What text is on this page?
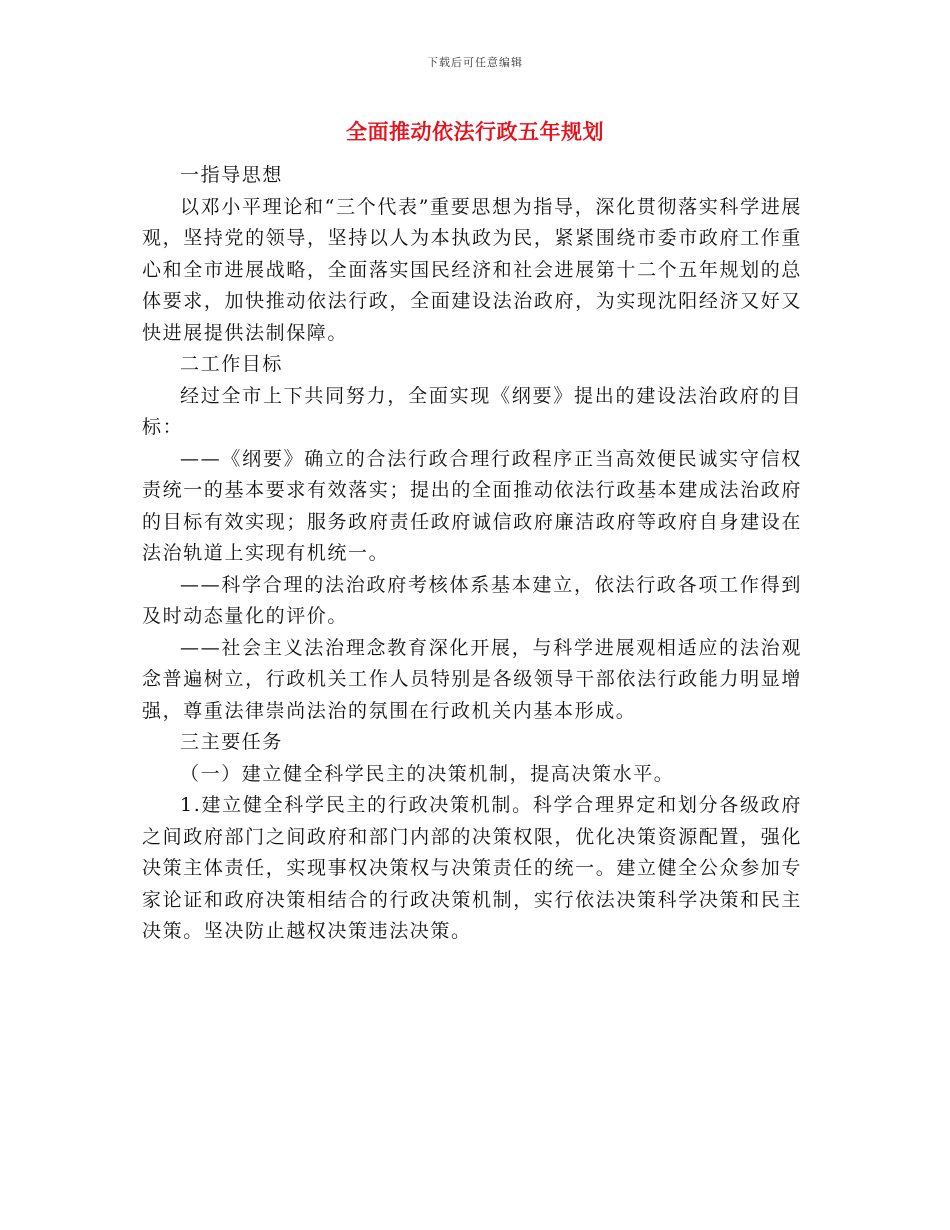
下载后可任意编辑
全面推动依法行政五年规划

一指导思想

以邓小平理论和“三个代表”重要思想为指导，深化贯彻落实科学进展观，坚持党的领导，坚持以人为本执政为民，紧紧围绕市委市政府工作重心和全市进展战略，全面落实国民经济和社会进展第十二个五年规划的总体要求，加快推动依法行政，全面建设法治政府，为实现沈阳经济又好又快进展提供法制保障。

二工作目标

经过全市上下共同努力，全面实现《纲要》提出的建设法治政府的目标：

——《纲要》确立的合法行政合理行政程序正当高效便民诚实守信权责统一的基本要求有效落实；提出的全面推动依法行政基本建成法治政府的目标有效实现；服务政府责任政府诚信政府廉洁政府等政府自身建设在法治轨道上实现有机统一。

——科学合理的法治政府考核体系基本建立，依法行政各项工作得到及时动态量化的评价。

——社会主义法治理念教育深化开展，与科学进展观相适应的法治观念普遍树立，行政机关工作人员特别是各级领导干部依法行政能力明显增强，尊重法律崇尚法治的氛围在行政机关内基本形成。

三主要任务

（一）建立健全科学民主的决策机制，提高决策水平。

1.建立健全科学民主的行政决策机制。科学合理界定和划分各级政府之间政府部门之间政府和部门内部的决策权限，优化决策资源配置，强化决策主体责任，实现事权决策权与决策责任的统一。建立健全公众参加专家论证和政府决策相结合的行政决策机制，实行依法决策科学决策和民主决策。坚决防止越权决策违法决策。
